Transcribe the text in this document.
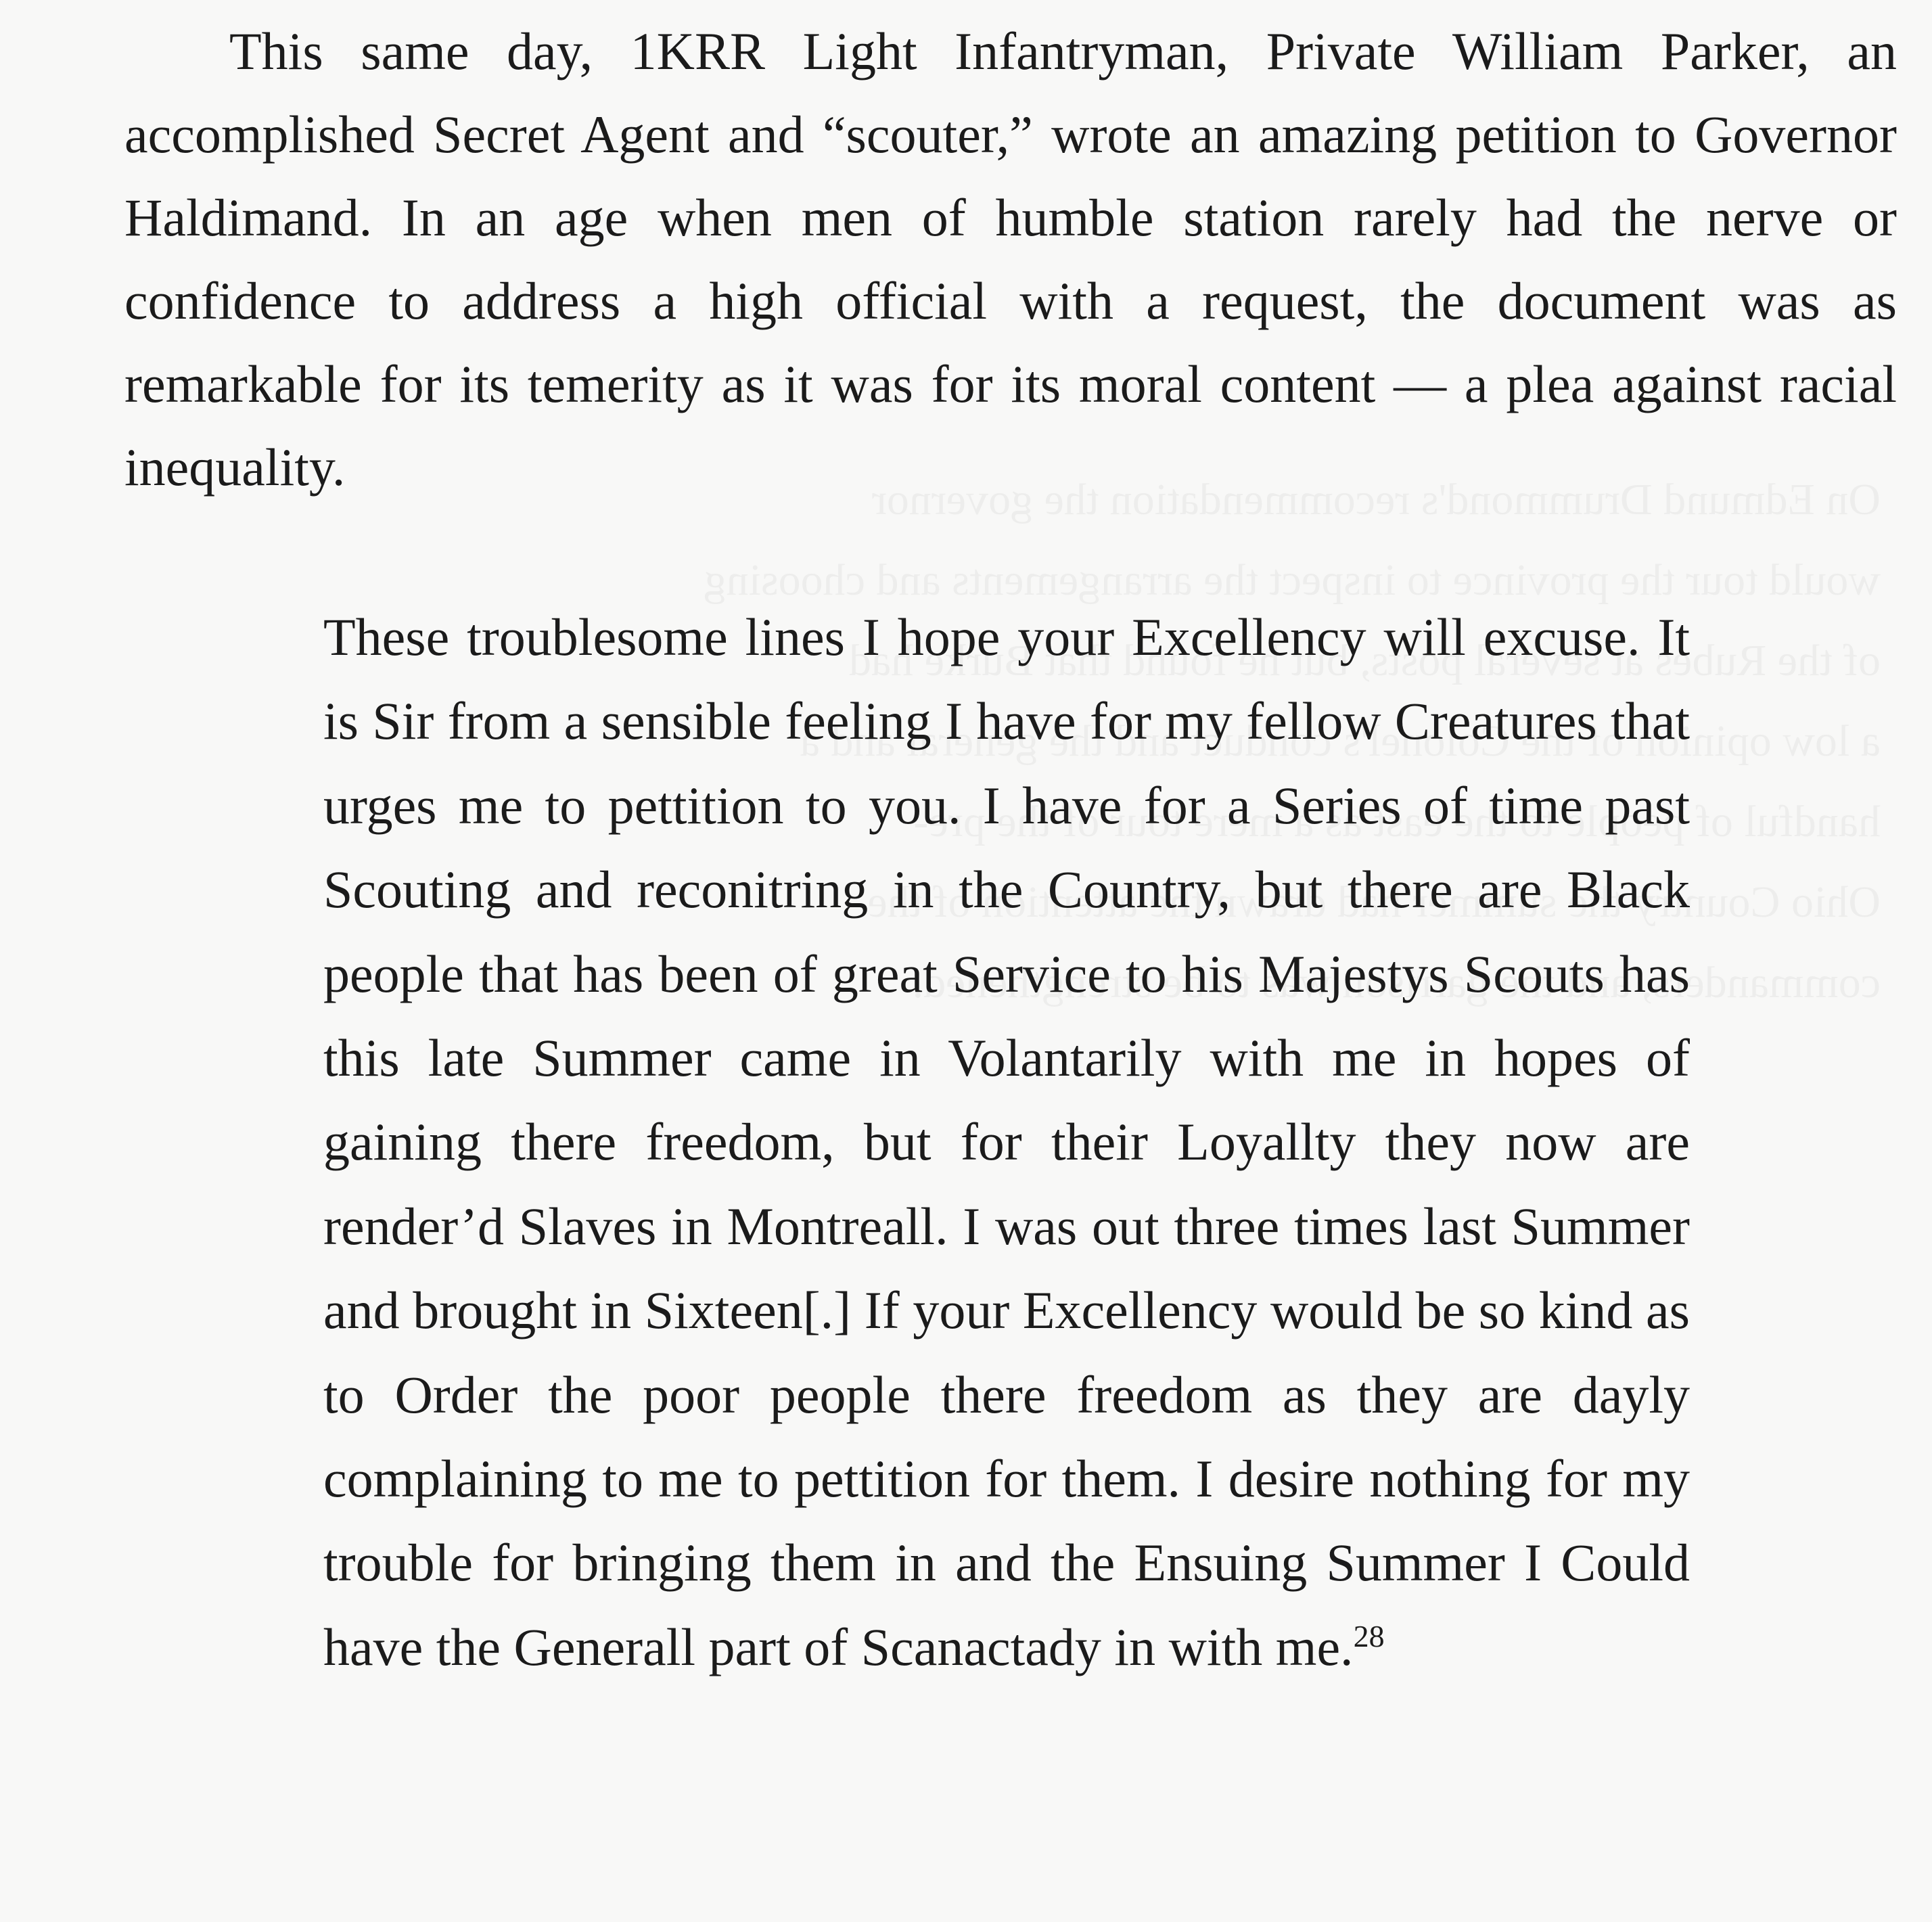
This same day, 1KRR Light Infantryman, Private William Parker, an accomplished Secret Agent and “scouter,” wrote an amazing petition to Governor Haldimand. In an age when men of humble station rarely had the nerve or confidence to address a high official with a request, the document was as remarkable for its temerity as it was for its moral content — a plea against racial inequality.

These troublesome lines I hope your Excellency will excuse. It is Sir from a sensible feeling I have for my fellow Creatures that urges me to pettition to you. I have for a Series of time past Scouting and reconitring in the Country, but there are Black people that has been of great Service to his Majestys Scouts has this late Summer came in Volantarily with me in hopes of gaining there freedom, but for their Loyallty they now are render’d Slaves in Montreall. I was out three times last Summer and brought in Sixteen[.] If your Excellency would be so kind as to Order the poor people there freedom as they are dayly complaining to me to pettition for them. I desire nothing for my trouble for bringing them in and the Ensuing Summer I Could have the Generall part of Scanactady in with me.$^{28}$
